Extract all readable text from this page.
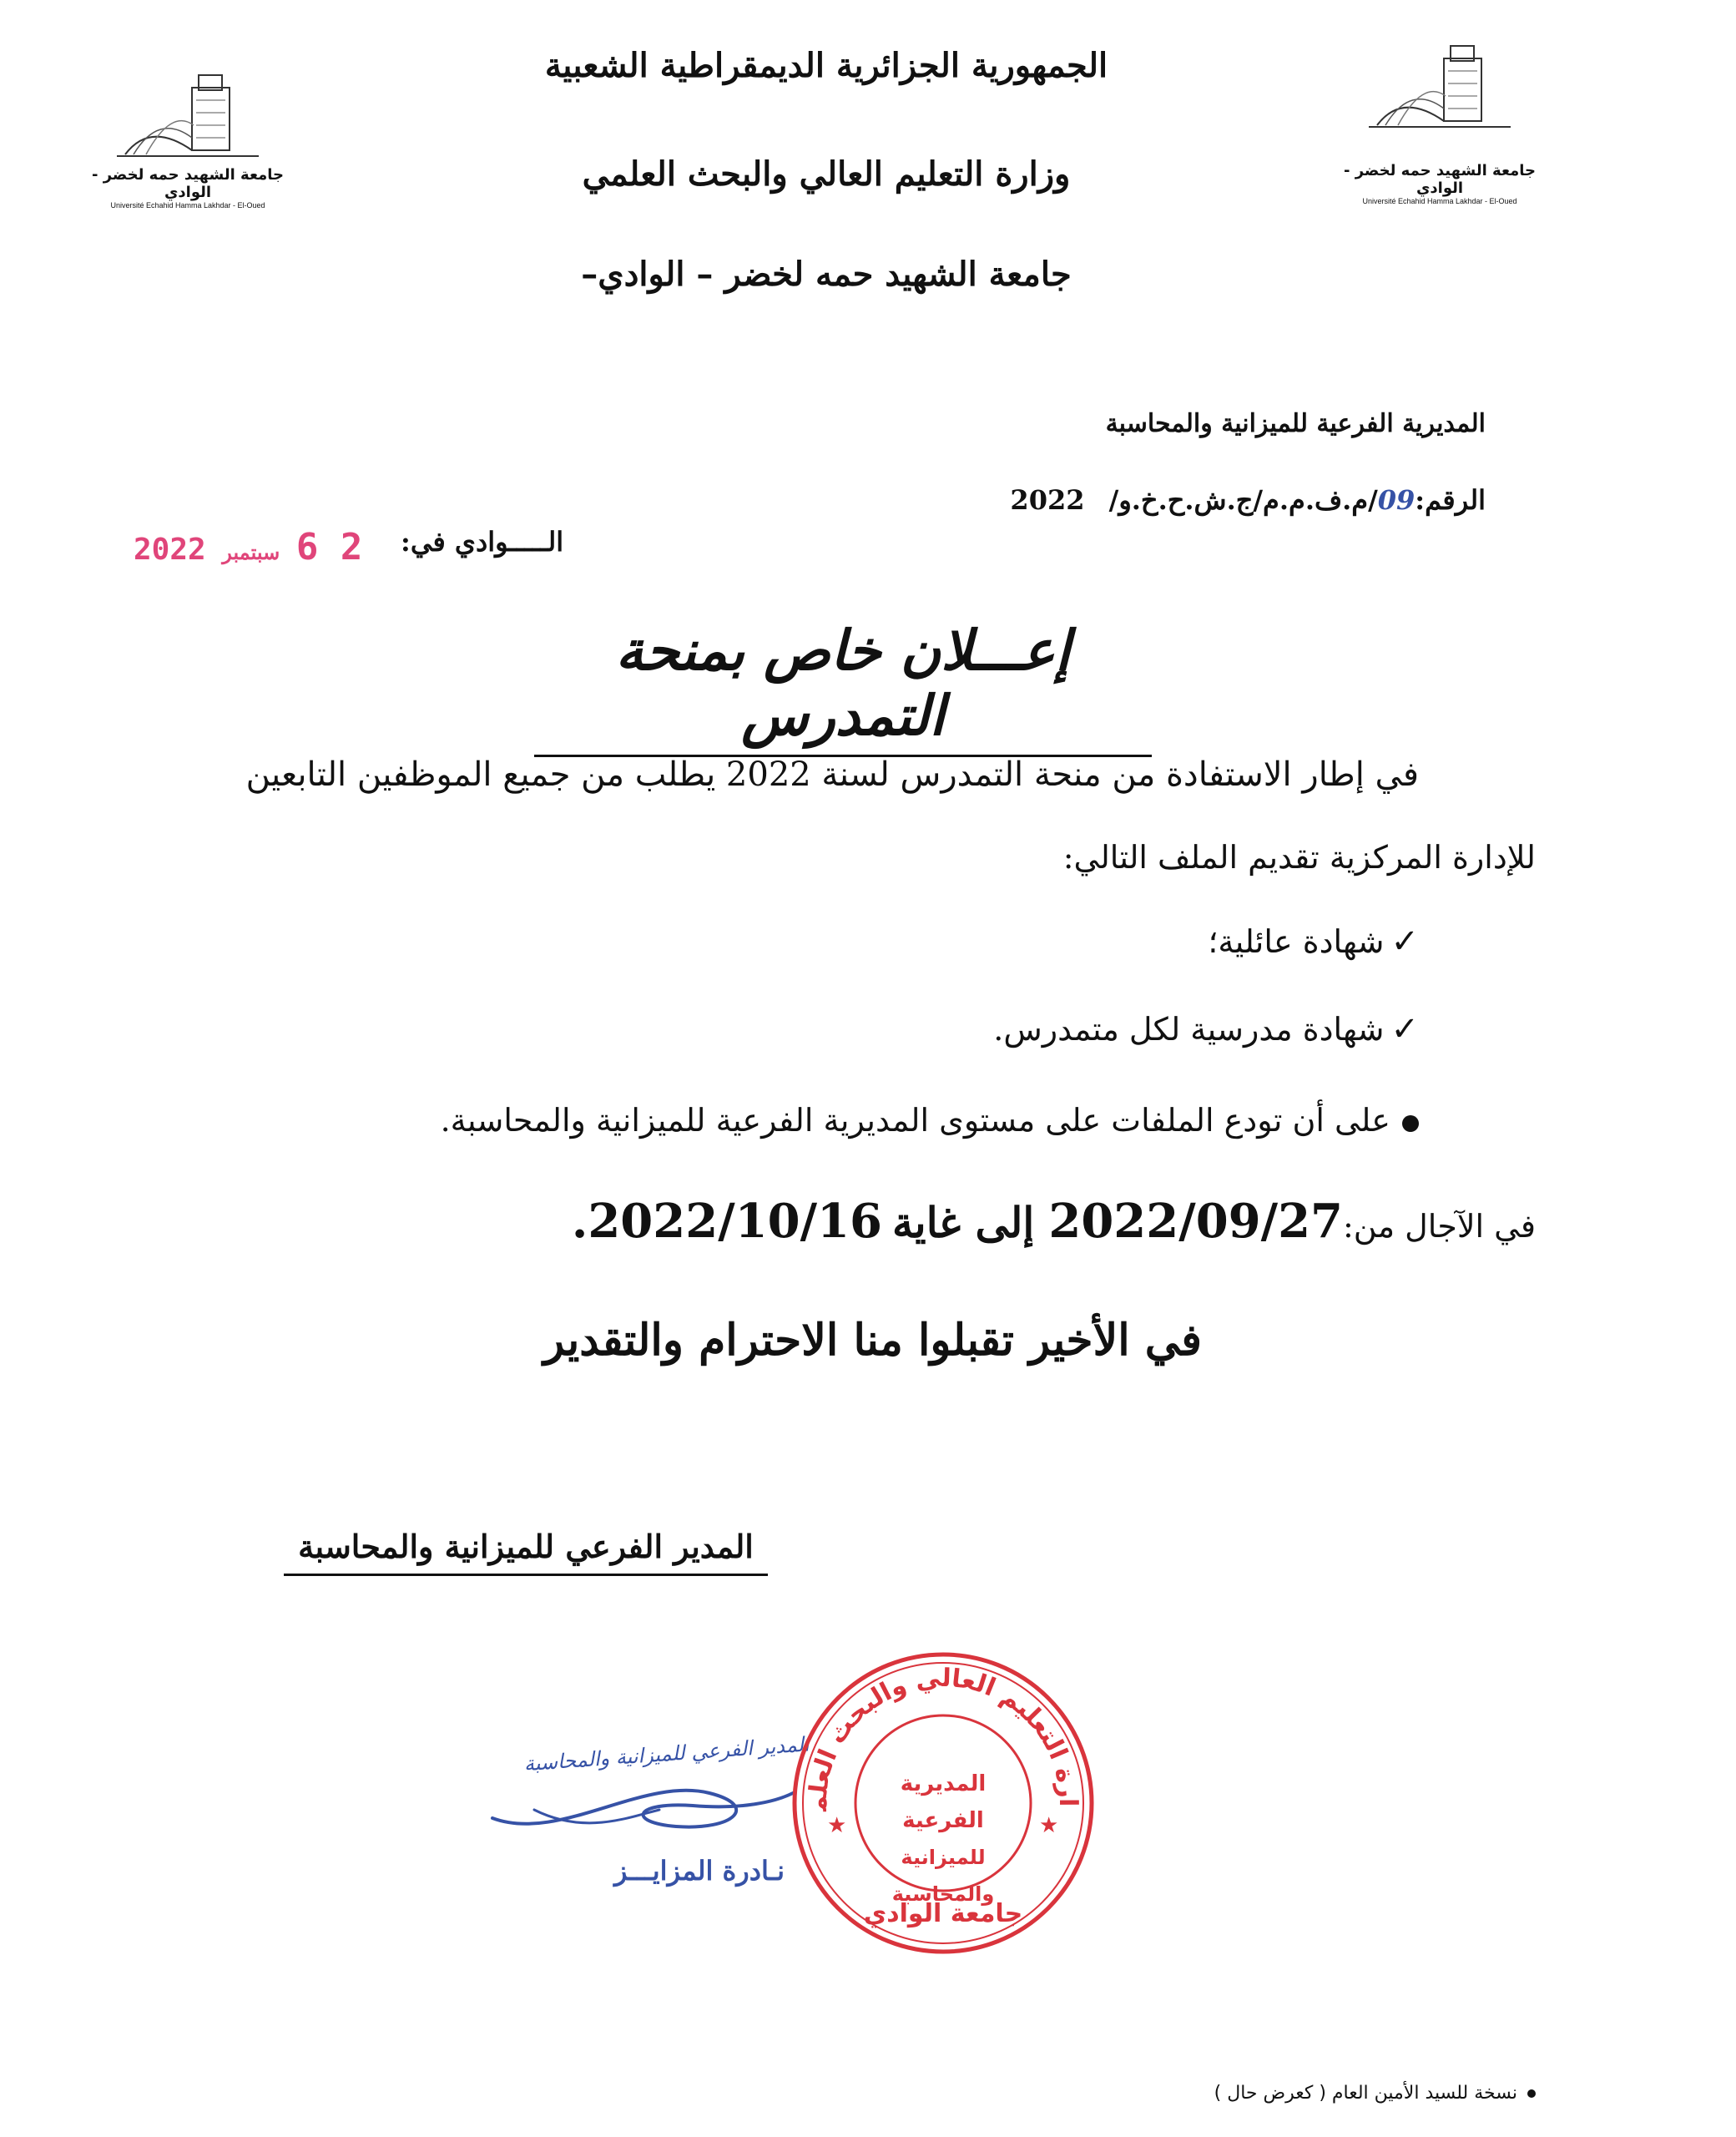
جامعة الشهيد حمه لخضر - الوادي
Université Echahid Hamma Lakhdar - El-Oued
جامعة الشهيد حمه لخضر - الوادي
Université Echahid Hamma Lakhdar - El-Oued
الجمهورية الجزائرية الديمقراطية الشعبية
وزارة التعليم العالي والبحث العلمي
جامعة الشهيد حمه لخضر – الوادي–
المديرية الفرعية للميزانية والمحاسبة
الرقم:09/م.ف.م.م/ج.ش.ح.خ.و/ 2022
الـــــوادي في:
2 6 سبتمبر 2022
إعـــلان خاص بمنحة التمدرس
في إطار الاستفادة من منحة التمدرس لسنة 2022 يطلب من جميع الموظفين التابعين
للإدارة المركزية تقديم الملف التالي:
✓شهادة عائلية؛
✓شهادة مدرسية لكل متمدرس.
على أن تودع الملفات على مستوى المديرية الفرعية للميزانية والمحاسبة.
في الآجال من:2022/09/27 إلى غاية2022/10/16.
في الأخير تقبلوا منا الاحترام والتقدير
المدير الفرعي للميزانية والمحاسبة
المدير الفرعي للميزانية والمحاسبة
نـادرة المزايـــز
ارة التعليم العالي والبحث العلم
★	★
المديرية الفرعية
للميزانية والمحاسبة
جامعة الوادي
نسخة للسيد الأمين العام ( كعرض حال )
